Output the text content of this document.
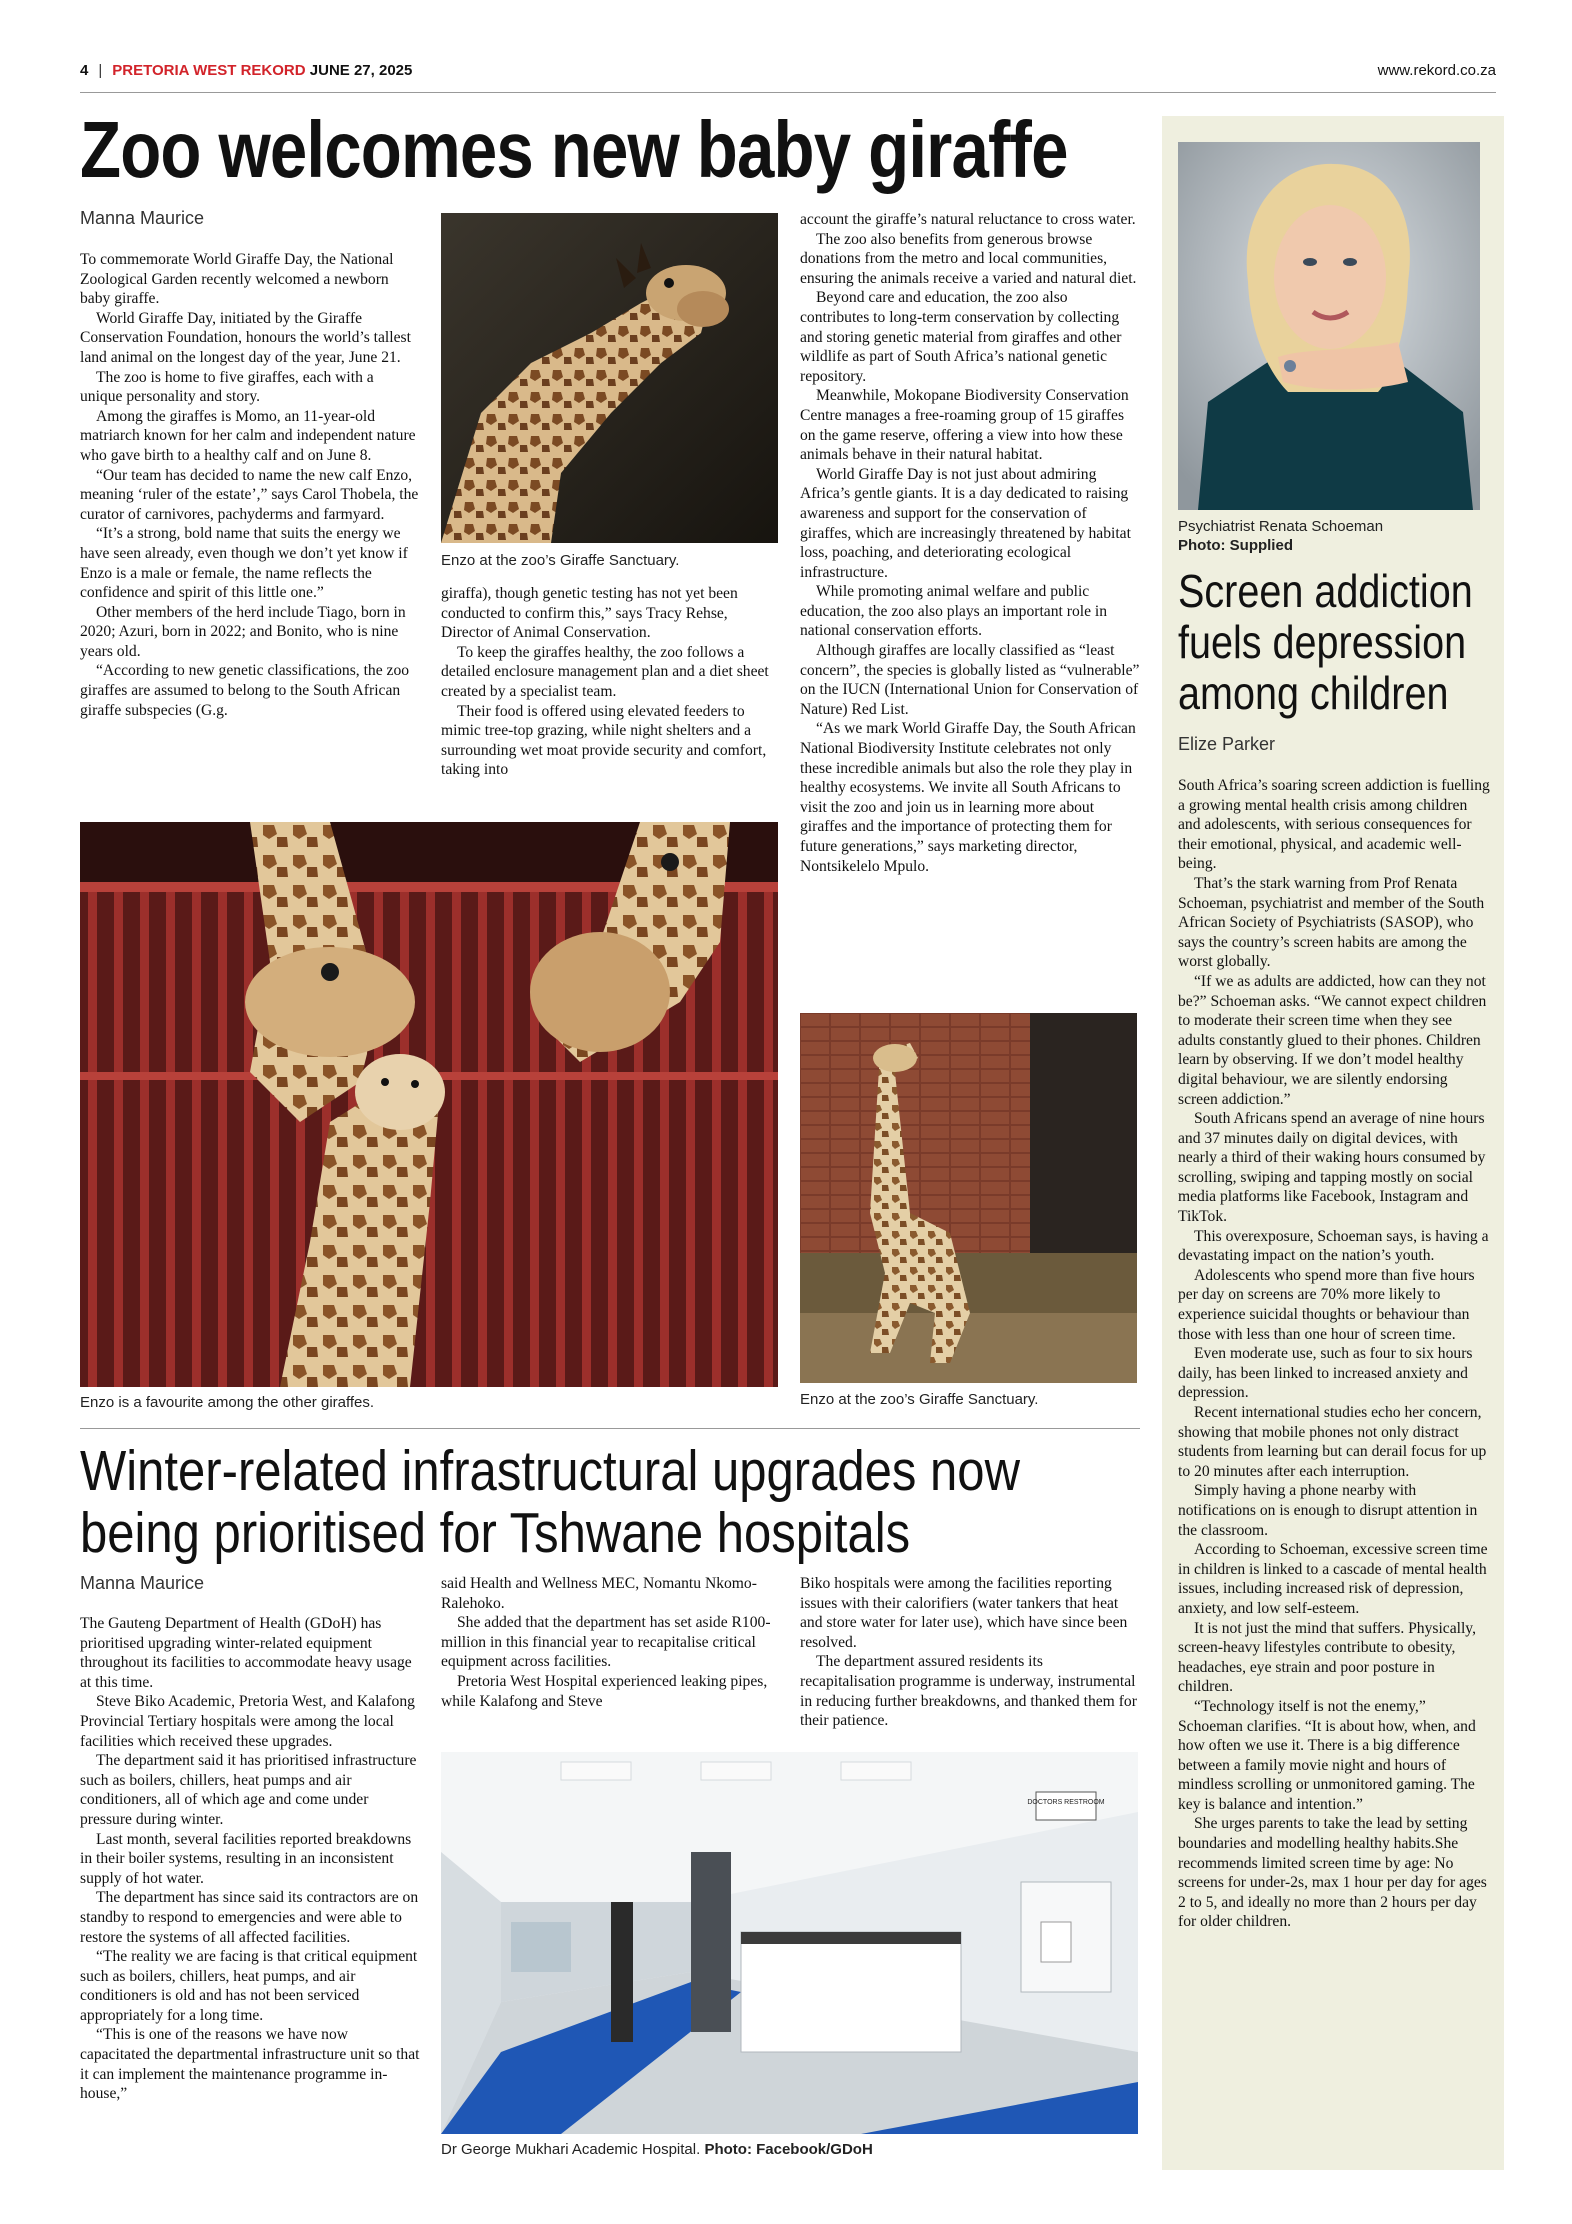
4 | PRETORIA WEST REKORD JUNE 27, 2025	www.rekord.co.za
Zoo welcomes new baby giraffe
Manna Maurice

To commemorate World Giraffe Day, the National Zoological Garden recently welcomed a newborn baby giraffe.

World Giraffe Day, initiated by the Giraffe Conservation Foundation, honours the world’s tallest land animal on the longest day of the year, June 21.

The zoo is home to five giraffes, each with a unique personality and story.

Among the giraffes is Momo, an 11-year-old matriarch known for her calm and independent nature who gave birth to a healthy calf and on June 8.

“Our team has decided to name the new calf Enzo, meaning ‘ruler of the estate’,” says Carol Thobela, the curator of carnivores, pachyderms and farmyard.

“It’s a strong, bold name that suits the energy we have seen already, even though we don’t yet know if Enzo is a male or female, the name reflects the confidence and spirit of this little one.”

Other members of the herd include Tiago, born in 2020; Azuri, born in 2022; and Bonito, who is nine years old.

“According to new genetic classifications, the zoo giraffes are assumed to belong to the South African giraffe subspecies (G.g.

Enzo at the zoo’s Giraffe Sanctuary.

giraffa), though genetic testing has not yet been conducted to confirm this,” says Tracy Rehse, Director of Animal Conservation.

To keep the giraffes healthy, the zoo follows a detailed enclosure management plan and a diet sheet created by a specialist team.

Their food is offered using elevated feeders to mimic tree-top grazing, while night shelters and a surrounding wet moat provide security and comfort, taking into

account the giraffe’s natural reluctance to cross water.

The zoo also benefits from generous browse donations from the metro and local communities, ensuring the animals receive a varied and natural diet.

Beyond care and education, the zoo also contributes to long-term conservation by collecting and storing genetic material from giraffes and other wildlife as part of South Africa’s national genetic repository.

Meanwhile, Mokopane Biodiversity Conservation Centre manages a free-roaming group of 15 giraffes on the game reserve, offering a view into how these animals behave in their natural habitat.

World Giraffe Day is not just about admiring Africa’s gentle giants. It is a day dedicated to raising awareness and support for the conservation of giraffes, which are increasingly threatened by habitat loss, poaching, and deteriorating ecological infrastructure.

While promoting animal welfare and public education, the zoo also plays an important role in national conservation efforts.

Although giraffes are locally classified as “least concern”, the species is globally listed as “vulnerable” on the IUCN (International Union for Conservation of Nature) Red List.

“As we mark World Giraffe Day, the South African National Biodiversity Institute celebrates not only these incredible animals but also the role they play in healthy ecosystems. We invite all South Africans to visit the zoo and join us in learning more about giraffes and the importance of protecting them for future generations,” says marketing director, Nontsikelelo Mpulo.

Enzo is a favourite among the other giraffes.	Enzo at the zoo’s Giraffe Sanctuary.
Winter-related infrastructural upgrades now
being prioritised for Tshwane hospitals
Manna Maurice

The Gauteng Department of Health (GDoH) has prioritised upgrading winter-related equipment throughout its facilities to accommodate heavy usage at this time.

Steve Biko Academic, Pretoria West, and Kalafong Provincial Tertiary hospitals were among the local facilities which received these upgrades.

The department said it has prioritised infrastructure such as boilers, chillers, heat pumps and air conditioners, all of which age and come under pressure during winter.

Last month, several facilities reported breakdowns in their boiler systems, resulting in an inconsistent supply of hot water.

The department has since said its contractors are on standby to respond to emergencies and were able to restore the systems of all affected facilities.

“The reality we are facing is that critical equipment such as boilers, chillers, heat pumps, and air conditioners is old and has not been serviced appropriately for a long time.

“This is one of the reasons we have now capacitated the departmental infrastructure unit so that it can implement the maintenance programme in-house,”

said Health and Wellness MEC, Nomantu Nkomo-Ralehoko.

She added that the department has set aside R100-million in this financial year to recapitalise critical equipment across facilities.

Pretoria West Hospital experienced leaking pipes, while Kalafong and Steve

Biko hospitals were among the facilities reporting issues with their calorifiers (water tankers that heat and store water for later use), which have since been resolved.

The department assured residents its recapitalisation programme is underway, instrumental in reducing further breakdowns, and thanked them for their patience.

DOCTORS RESTROOM
Dr George Mukhari Academic Hospital. Photo: Facebook/GDoH
Psychiatrist Renata Schoeman
Photo: Supplied
Screen addiction
fuels depression
among children
Elize Parker

South Africa’s soaring screen addiction is fuelling a growing mental health crisis among children and adolescents, with serious consequences for their emotional, physical, and academic well-being.

That’s the stark warning from Prof Renata Schoeman, psychiatrist and member of the South African Society of Psychiatrists (SASOP), who says the country’s screen habits are among the worst globally.

“If we as adults are addicted, how can they not be?” Schoeman asks. “We cannot expect children to moderate their screen time when they see adults constantly glued to their phones. Children learn by observing. If we don’t model healthy digital behaviour, we are silently endorsing screen addiction.”

South Africans spend an average of nine hours and 37 minutes daily on digital devices, with nearly a third of their waking hours consumed by scrolling, swiping and tapping mostly on social media platforms like Facebook, Instagram and TikTok.

This overexposure, Schoeman says, is having a devastating impact on the nation’s youth.

Adolescents who spend more than five hours per day on screens are 70% more likely to experience suicidal thoughts or behaviour than those with less than one hour of screen time.

Even moderate use, such as four to six hours daily, has been linked to increased anxiety and depression.

Recent international studies echo her concern, showing that mobile phones not only distract students from learning but can derail focus for up to 20 minutes after each interruption.

Simply having a phone nearby with notifications on is enough to disrupt attention in the classroom.

According to Schoeman, excessive screen time in children is linked to a cascade of mental health issues, including increased risk of depression, anxiety, and low self-esteem.

It is not just the mind that suffers. Physically, screen-heavy lifestyles contribute to obesity, headaches, eye strain and poor posture in children.

“Technology itself is not the enemy,” Schoeman clarifies. “It is about how, when, and how often we use it. There is a big difference between a family movie night and hours of mindless scrolling or unmonitored gaming. The key is balance and intention.”

She urges parents to take the lead by setting boundaries and modelling healthy habits.She recommends limited screen time by age: No screens for under-2s, max 1 hour per day for ages 2 to 5, and ideally no more than 2 hours per day for older children.
